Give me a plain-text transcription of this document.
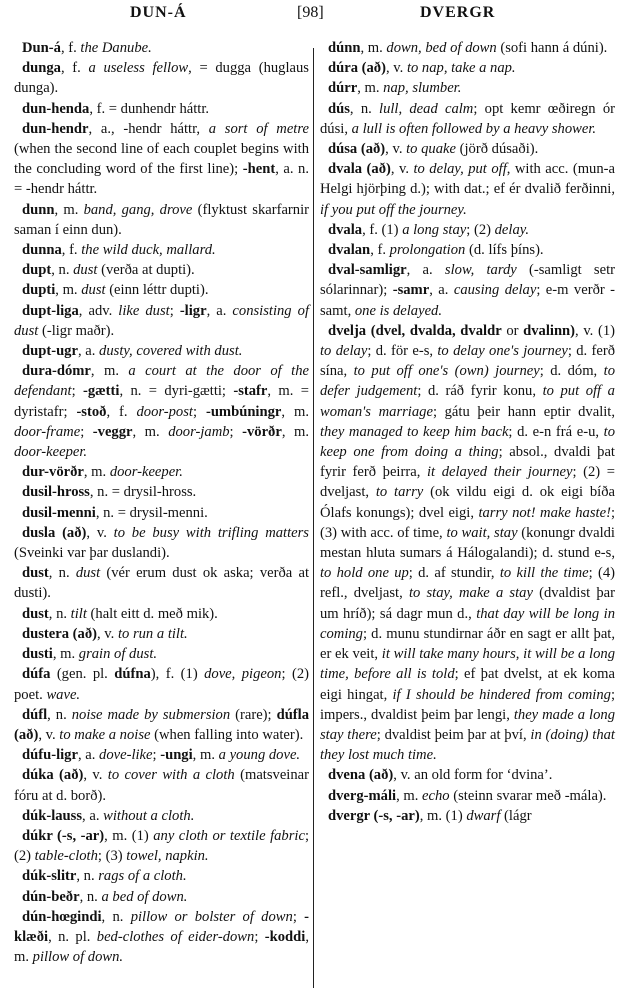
DUN-Á	[98]	DVERGR

Dun-á, f. the Danube.

dunga, f. a useless fellow, = dugga (huglaus dunga).

dun-henda, f. = dunhendr háttr.

dun-hendr, a., -hendr háttr, a sort of metre (when the second line of each couplet begins with the concluding word of the first line); -hent, a. n. = -hendr háttr.

dunn, m. band, gang, drove (flyktust skarfarnir saman í einn dun).

dunna, f. the wild duck, mallard.

dupt, n. dust (verða at dupti).

dupti, m. dust (einn léttr dupti).

dupt-liga, adv. like dust; -ligr, a. consisting of dust (-ligr maðr).

dupt-ugr, a. dusty, covered with dust.

dura-dómr, m. a court at the door of the defendant; -gætti, n. = dyri-gætti; -stafr, m. = dyristafr; -stoð, f. door-post; -umbúningr, m. door-frame; -veggr, m. door-jamb; -vörðr, m. door-keeper.

dur-vörðr, m. door-keeper.

dusil-hross, n. = drysil-hross.

dusil-menni, n. = drysil-menni.

dusla (að), v. to be busy with trifling matters (Sveinki var þar duslandi).

dust, n. dust (vér erum dust ok aska; verða at dusti).

dust, n. tilt (halt eitt d. með mik).

dustera (að), v. to run a tilt.

dusti, m. grain of dust.

dúfa (gen. pl. dúfna), f. (1) dove, pigeon; (2) poet. wave.

dúfl, n. noise made by submersion (rare); dúfla (að), v. to make a noise (when falling into water).

dúfu-ligr, a. dove-like; -ungi, m. a young dove.

dúka (að), v. to cover with a cloth (matsveinar fóru at d. borð).

dúk-lauss, a. without a cloth.

dúkr (-s, -ar), m. (1) any cloth or textile fabric; (2) table-cloth; (3) towel, napkin.

dúk-slitr, n. rags of a cloth.

dún-beðr, n. a bed of down.

dún-hœgindi, n. pillow or bolster of down; -klæði, n. pl. bed-clothes of eider-down; -koddi, m. pillow of down.

dúnn, m. down, bed of down (sofi hann á dúni).

dúra (að), v. to nap, take a nap.

dúrr, m. nap, slumber.

dús, n. lull, dead calm; opt kemr œðiregn ór dúsi, a lull is often followed by a heavy shower.

dúsa (að), v. to quake (jörð dúsaði).

dvala (að), v. to delay, put off, with acc. (mun-a Helgi hjörþing d.); with dat.; ef ér dvalið ferðinni, if you put off the journey.

dvala, f. (1) a long stay; (2) delay.

dvalan, f. prolongation (d. lífs þíns).

dval-samligr, a. slow, tardy (-samligt setr sólarinnar); -samr, a. causing delay; e-m verðr -samt, one is delayed.

dvelja (dvel, dvalda, dvaldr or dvalinn), v. (1) to delay; d. för e-s, to delay one's journey; d. ferð sína, to put off one's (own) journey; d. dóm, to defer judgement; d. ráð fyrir konu, to put off a woman's marriage; gátu þeir hann eptir dvalit, they managed to keep him back; d. e-n frá e-u, to keep one from doing a thing; absol., dvaldi þat fyrir ferð þeirra, it delayed their journey; (2) = dveljast, to tarry (ok vildu eigi d. ok eigi bíða Ólafs konungs); dvel eigi, tarry not! make haste!; (3) with acc. of time, to wait, stay (konungr dvaldi mestan hluta sumars á Hálogalandi); d. stund e-s, to hold one up; d. af stundir, to kill the time; (4) refl., dveljast, to stay, make a stay (dvaldist þar um hríð); sá dagr mun d., that day will be long in coming; d. munu stundirnar áðr en sagt er allt þat, er ek veit, it will take many hours, it will be a long time, before all is told; ef þat dvelst, at ek koma eigi hingat, if I should be hindered from coming; impers., dvaldist þeim þar lengi, they made a long stay there; dvaldist þeim þar at því, in (doing) that they lost much time.

dvena (að), v. an old form for ‘dvina’.

dverg-máli, m. echo (steinn svarar með -mála).

dvergr (-s, -ar), m. (1) dwarf (lágr
